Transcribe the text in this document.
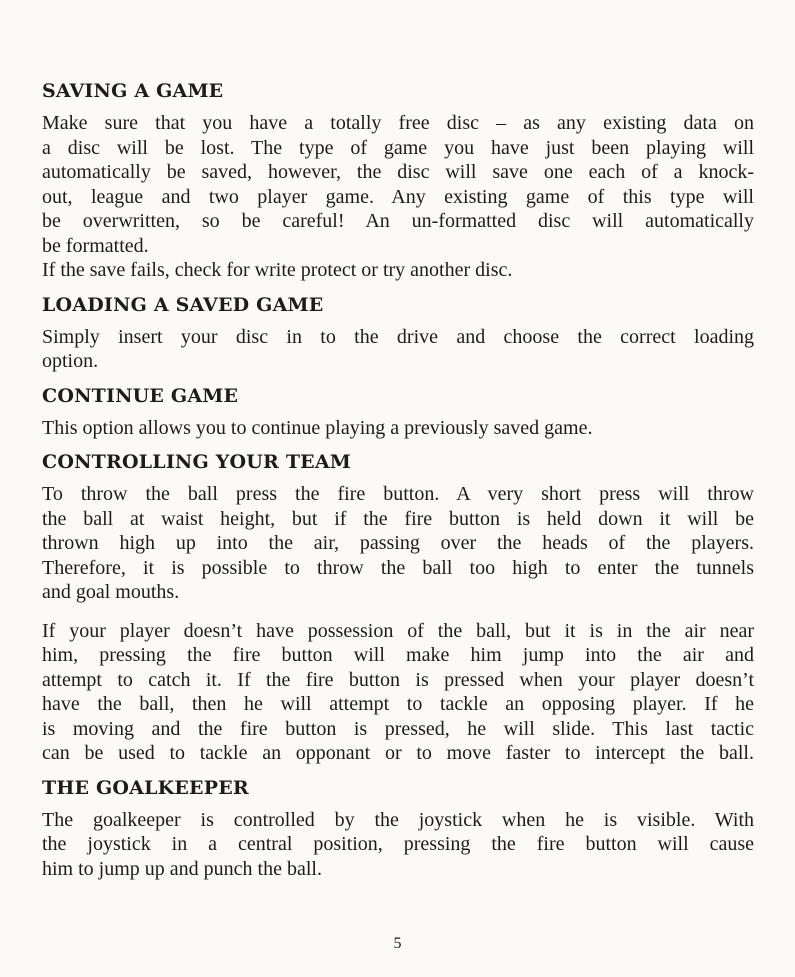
SAVING A GAME

Make sure that you have a totally free disc – as any existing data on
a disc will be lost. The type of game you have just been playing will
automatically be saved, however, the disc will save one each of a knock-
out, league and two player game. Any existing game of this type will
be overwritten, so be careful! An un-formatted disc will automatically
be formatted.
If the save fails, check for write protect or try another disc.

LOADING A SAVED GAME

Simply insert your disc in to the drive and choose the correct loading
option.

CONTINUE GAME

This option allows you to continue playing a previously saved game.

CONTROLLING YOUR TEAM

To throw the ball press the fire button. A very short press will throw
the ball at waist height, but if the fire button is held down it will be
thrown high up into the air, passing over the heads of the players.
Therefore, it is possible to throw the ball too high to enter the tunnels
and goal mouths.

If your player doesn’t have possession of the ball, but it is in the air near
him, pressing the fire button will make him jump into the air and
attempt to catch it. If the fire button is pressed when your player doesn’t
have the ball, then he will attempt to tackle an opposing player. If he
is moving and the fire button is pressed, he will slide. This last tactic
can be used to tackle an opponant or to move faster to intercept the ball.

THE GOALKEEPER

The goalkeeper is controlled by the joystick when he is visible. With
the joystick in a central position, pressing the fire button will cause
him to jump up and punch the ball.

5
